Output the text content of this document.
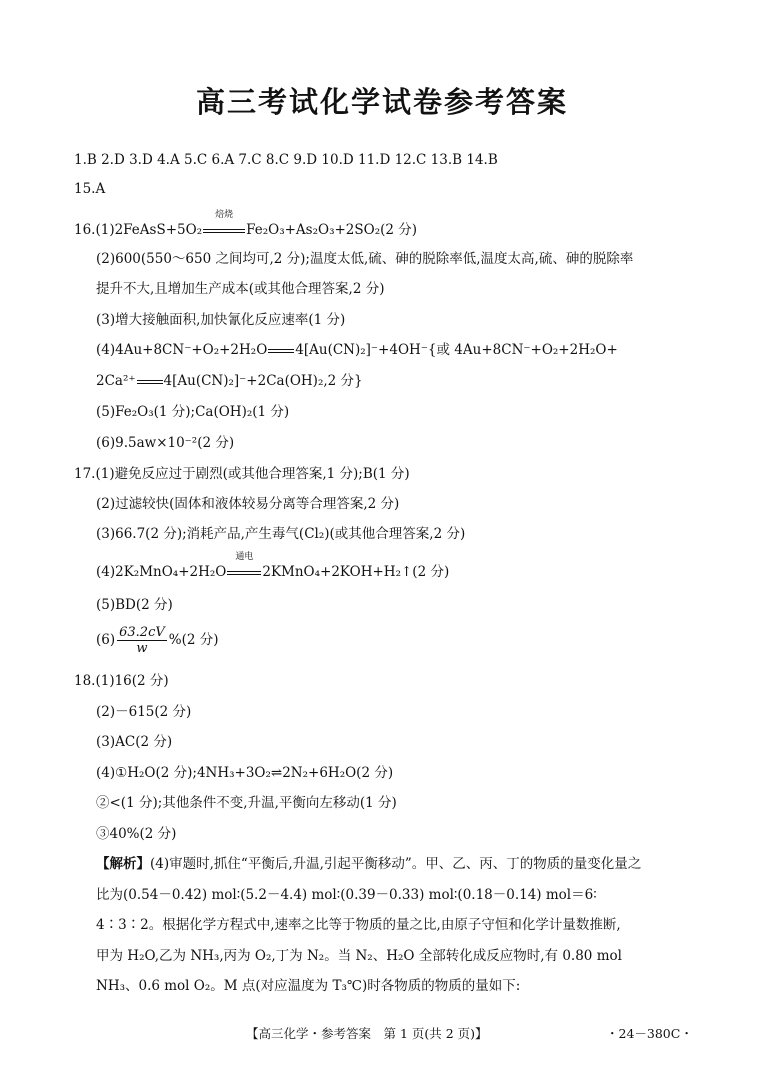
高三考试化学试卷参考答案
1.B 2.D 3.D 4.A 5.C 6.A 7.C 8.C 9.D 10.D 11.D 12.C 13.B 14.B
15.A
16.(1)2FeAsS+5O₂
焙烧
Fe₂O₃+As₂O₃+2SO₂(2 分)
(2)600(550～650 之间均可,2 分);温度太低,硫、砷的脱除率低,温度太高,硫、砷的脱除率
提升不大,且增加生产成本(或其他合理答案,2 分)
(3)增大接触面积,加快氰化反应速率(1 分)
(4)4Au+8CN⁻+O₂+2H₂O 4[Au(CN)₂]⁻+4OH⁻{或 4Au+8CN⁻+O₂+2H₂O+
2Ca²⁺ 4[Au(CN)₂]⁻+2Ca(OH)₂,2 分}
(5)Fe₂O₃(1 分);Ca(OH)₂(1 分)
(6)9.5aw×10⁻²(2 分)
17.(1)避免反应过于剧烈(或其他合理答案,1 分);B(1 分)
(2)过滤较快(固体和液体较易分离等合理答案,2 分)
(3)66.7(2 分);消耗产品,产生毒气(Cl₂)(或其他合理答案,2 分)
(4)2K₂MnO₄+2H₂O
通电
2KMnO₄+2KOH+H₂↑(2 分)
(5)BD(2 分)
$(6) \frac{63.2cV}{w} \%(2$ 分)
18.(1)16(2 分)
(2)－615(2 分)
(3)AC(2 分)
(4)①H₂O(2 分);4NH₃+3O₂⇌2N₂+6H₂O(2 分)
②<(1 分);其他条件不变,升温,平衡向左移动(1 分)
③40%(2 分)
【解析】(4)审题时,抓住“平衡后,升温,引起平衡移动”。甲、乙、丙、丁的物质的量变化量之
比为(0.54－0.42) mol∶(5.2－4.4) mol∶(0.39－0.33) mol∶(0.18－0.14) mol＝6∶
4∶3∶2。根据化学方程式中,速率之比等于物质的量之比,由原子守恒和化学计量数推断,
甲为 H₂O,乙为 NH₃,丙为 O₂,丁为 N₂。当 N₂、H₂O 全部转化成反应物时,有 0.80 mol
NH₃、0.6 mol O₂。M 点(对应温度为 T₃℃)时各物质的物质的量如下:
【高三化学・参考答案　第 1 页(共 2 页)】	・24－380C・
